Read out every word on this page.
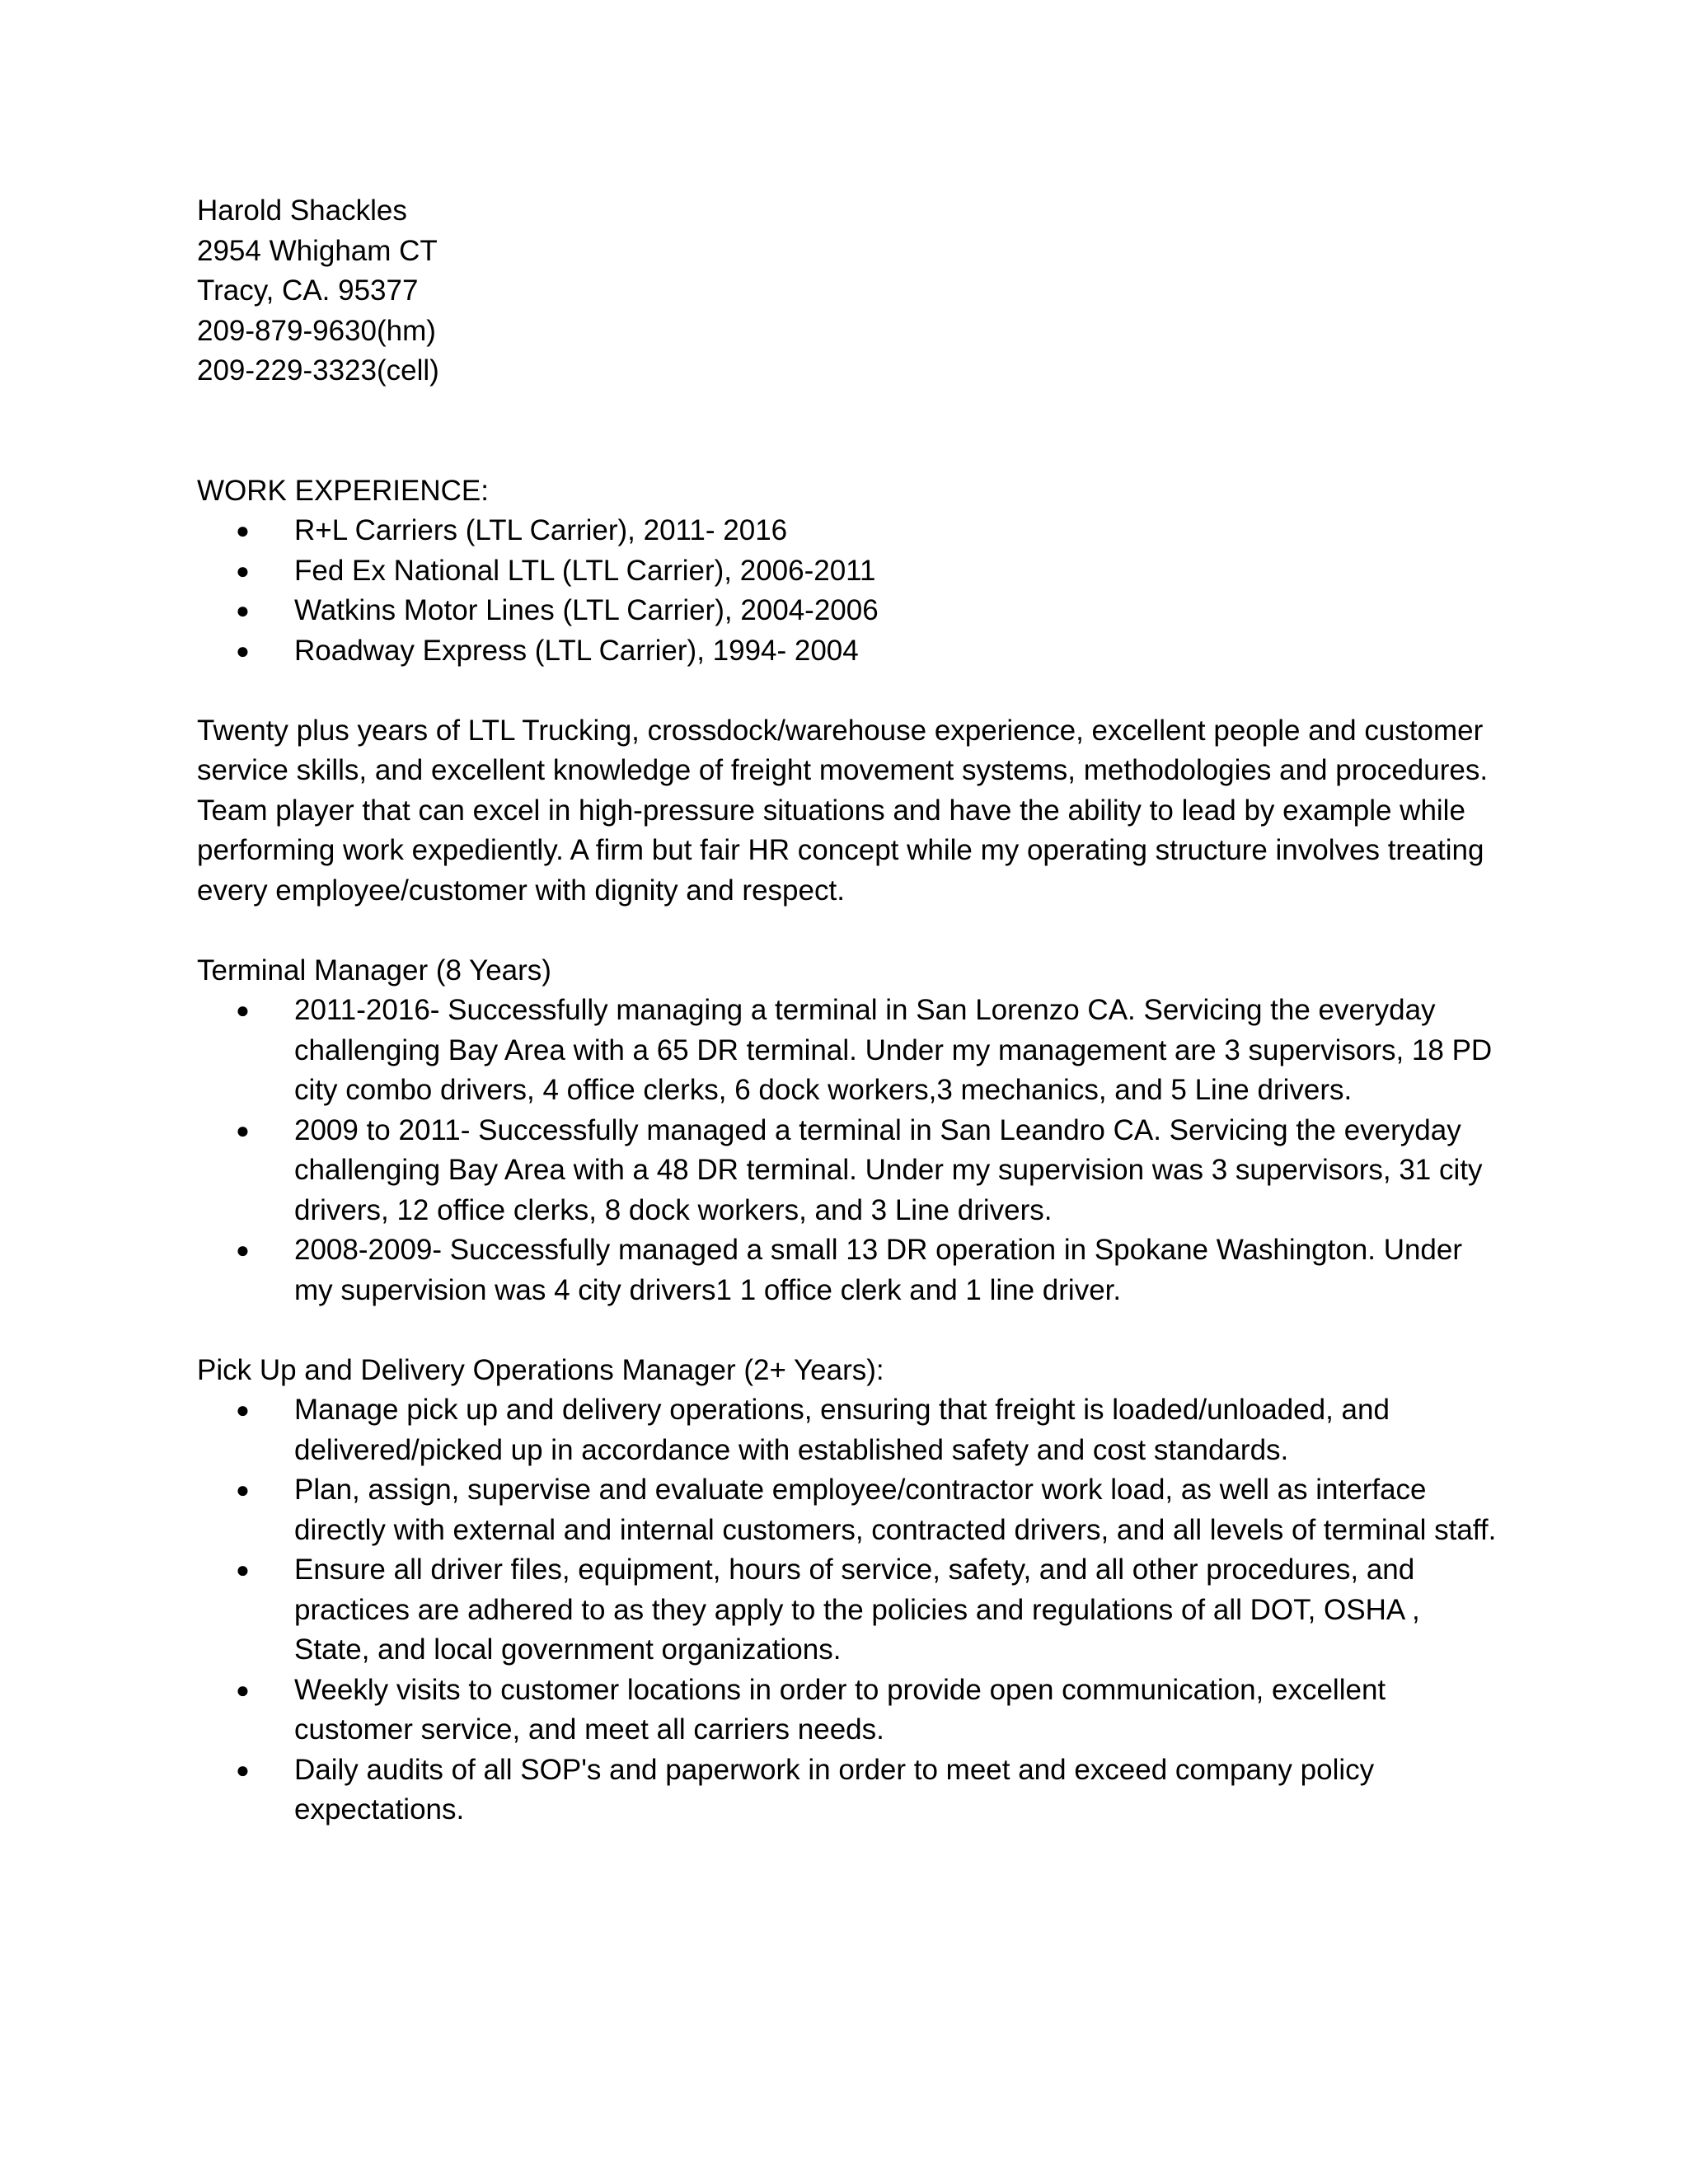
Harold Shackles
2954 Whigham CT
Tracy, CA. 95377
209-879-9630(hm)
209-229-3323(cell)
WORK EXPERIENCE:
● R+L Carriers (LTL Carrier), 2011- 2016
● Fed Ex National LTL (LTL Carrier), 2006-2011
● Watkins Motor Lines (LTL Carrier), 2004-2006
● Roadway Express (LTL Carrier), 1994- 2004

Twenty plus years of LTL Trucking, crossdock/warehouse experience, excellent people and customer service skills, and excellent knowledge of freight movement systems, methodologies and procedures. Team player that can excel in high-pressure situations and have the ability to lead by example while performing work expediently. A firm but fair HR concept while my operating structure involves treating every employee/customer with dignity and respect.

Terminal Manager (8 Years)
● 2011-2016- Successfully managing a terminal in San Lorenzo CA. Servicing the everyday challenging Bay Area with a 65 DR terminal. Under my management are 3 supervisors, 18 PD city combo drivers, 4 office clerks, 6 dock workers,3 mechanics, and 5 Line drivers.
● 2009 to 2011- Successfully managed a terminal in San Leandro CA. Servicing the everyday challenging Bay Area with a 48 DR terminal. Under my supervision was 3 supervisors, 31 city drivers, 12 office clerks, 8 dock workers, and 3 Line drivers.
● 2008-2009- Successfully managed a small 13 DR operation in Spokane Washington. Under my supervision was 4 city drivers1 1 office clerk and 1 line driver.
Pick Up and Delivery Operations Manager (2+ Years):
● Manage pick up and delivery operations, ensuring that freight is loaded/unloaded, and delivered/picked up in accordance with established safety and cost standards.
● Plan, assign, supervise and evaluate employee/contractor work load, as well as interface directly with external and internal customers, contracted drivers, and all levels of terminal staff.
● Ensure all driver files, equipment, hours of service, safety, and all other procedures, and practices are adhered to as they apply to the policies and regulations of all DOT, OSHA , State, and local government organizations.
● Weekly visits to customer locations in order to provide open communication, excellent customer service, and meet all carriers needs.
● Daily audits of all SOP's and paperwork in order to meet and exceed company policy expectations.
